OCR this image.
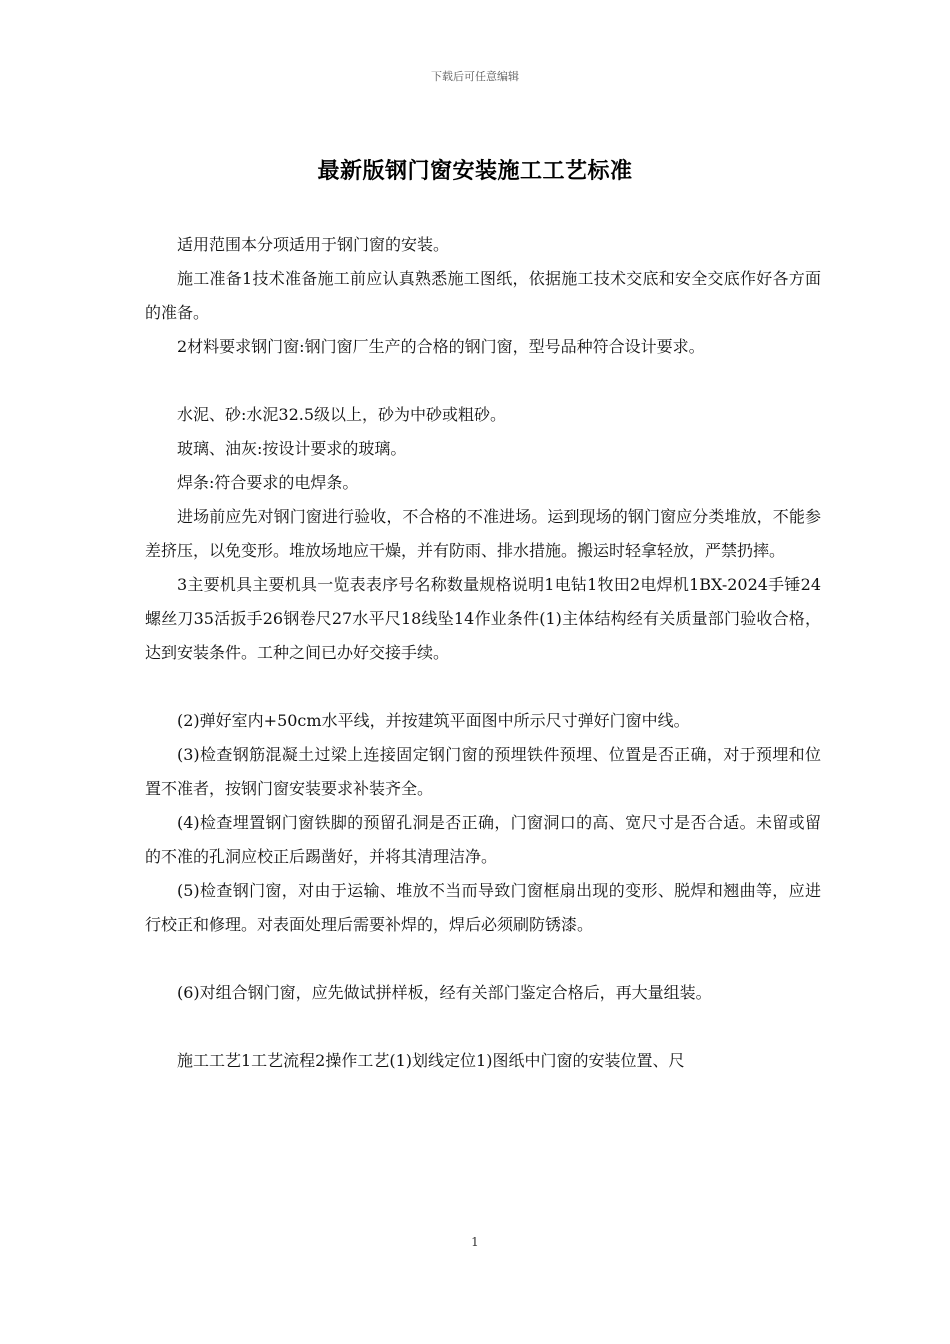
下载后可任意编辑
最新版钢门窗安装施工工艺标准

适用范围本分项适用于钢门窗的安装。

施工准备1技术准备施工前应认真熟悉施工图纸，依据施工技术交底和安全交底作好各方面的准备。

2材料要求钢门窗:钢门窗厂生产的合格的钢门窗，型号品种符合设计要求。

水泥、砂:水泥32.5级以上，砂为中砂或粗砂。

玻璃、油灰:按设计要求的玻璃。

焊条:符合要求的电焊条。

进场前应先对钢门窗进行验收，不合格的不准进场。运到现场的钢门窗应分类堆放，不能参差挤压，以免变形。堆放场地应干燥，并有防雨、排水措施。搬运时轻拿轻放，严禁扔摔。

3主要机具主要机具一览表表序号名称数量规格说明1电钻1牧田2电焊机1BX-2024手锤24螺丝刀35活扳手26钢卷尺27水平尺18线坠14作业条件(1)主体结构经有关质量部门验收合格，达到安装条件。工种之间已办好交接手续。

(2)弹好室内+50cm水平线，并按建筑平面图中所示尺寸弹好门窗中线。

(3)检查钢筋混凝土过梁上连接固定钢门窗的预埋铁件预埋、位置是否正确，对于预埋和位置不准者，按钢门窗安装要求补装齐全。

(4)检查埋置钢门窗铁脚的预留孔洞是否正确，门窗洞口的高、宽尺寸是否合适。未留或留的不准的孔洞应校正后踢凿好，并将其清理洁净。

(5)检查钢门窗，对由于运输、堆放不当而导致门窗框扇出现的变形、脱焊和翘曲等，应进行校正和修理。对表面处理后需要补焊的，焊后必须刷防锈漆。

(6)对组合钢门窗，应先做试拼样板，经有关部门鉴定合格后，再大量组装。

施工工艺1工艺流程2操作工艺(1)划线定位1)图纸中门窗的安装位置、尺

1
